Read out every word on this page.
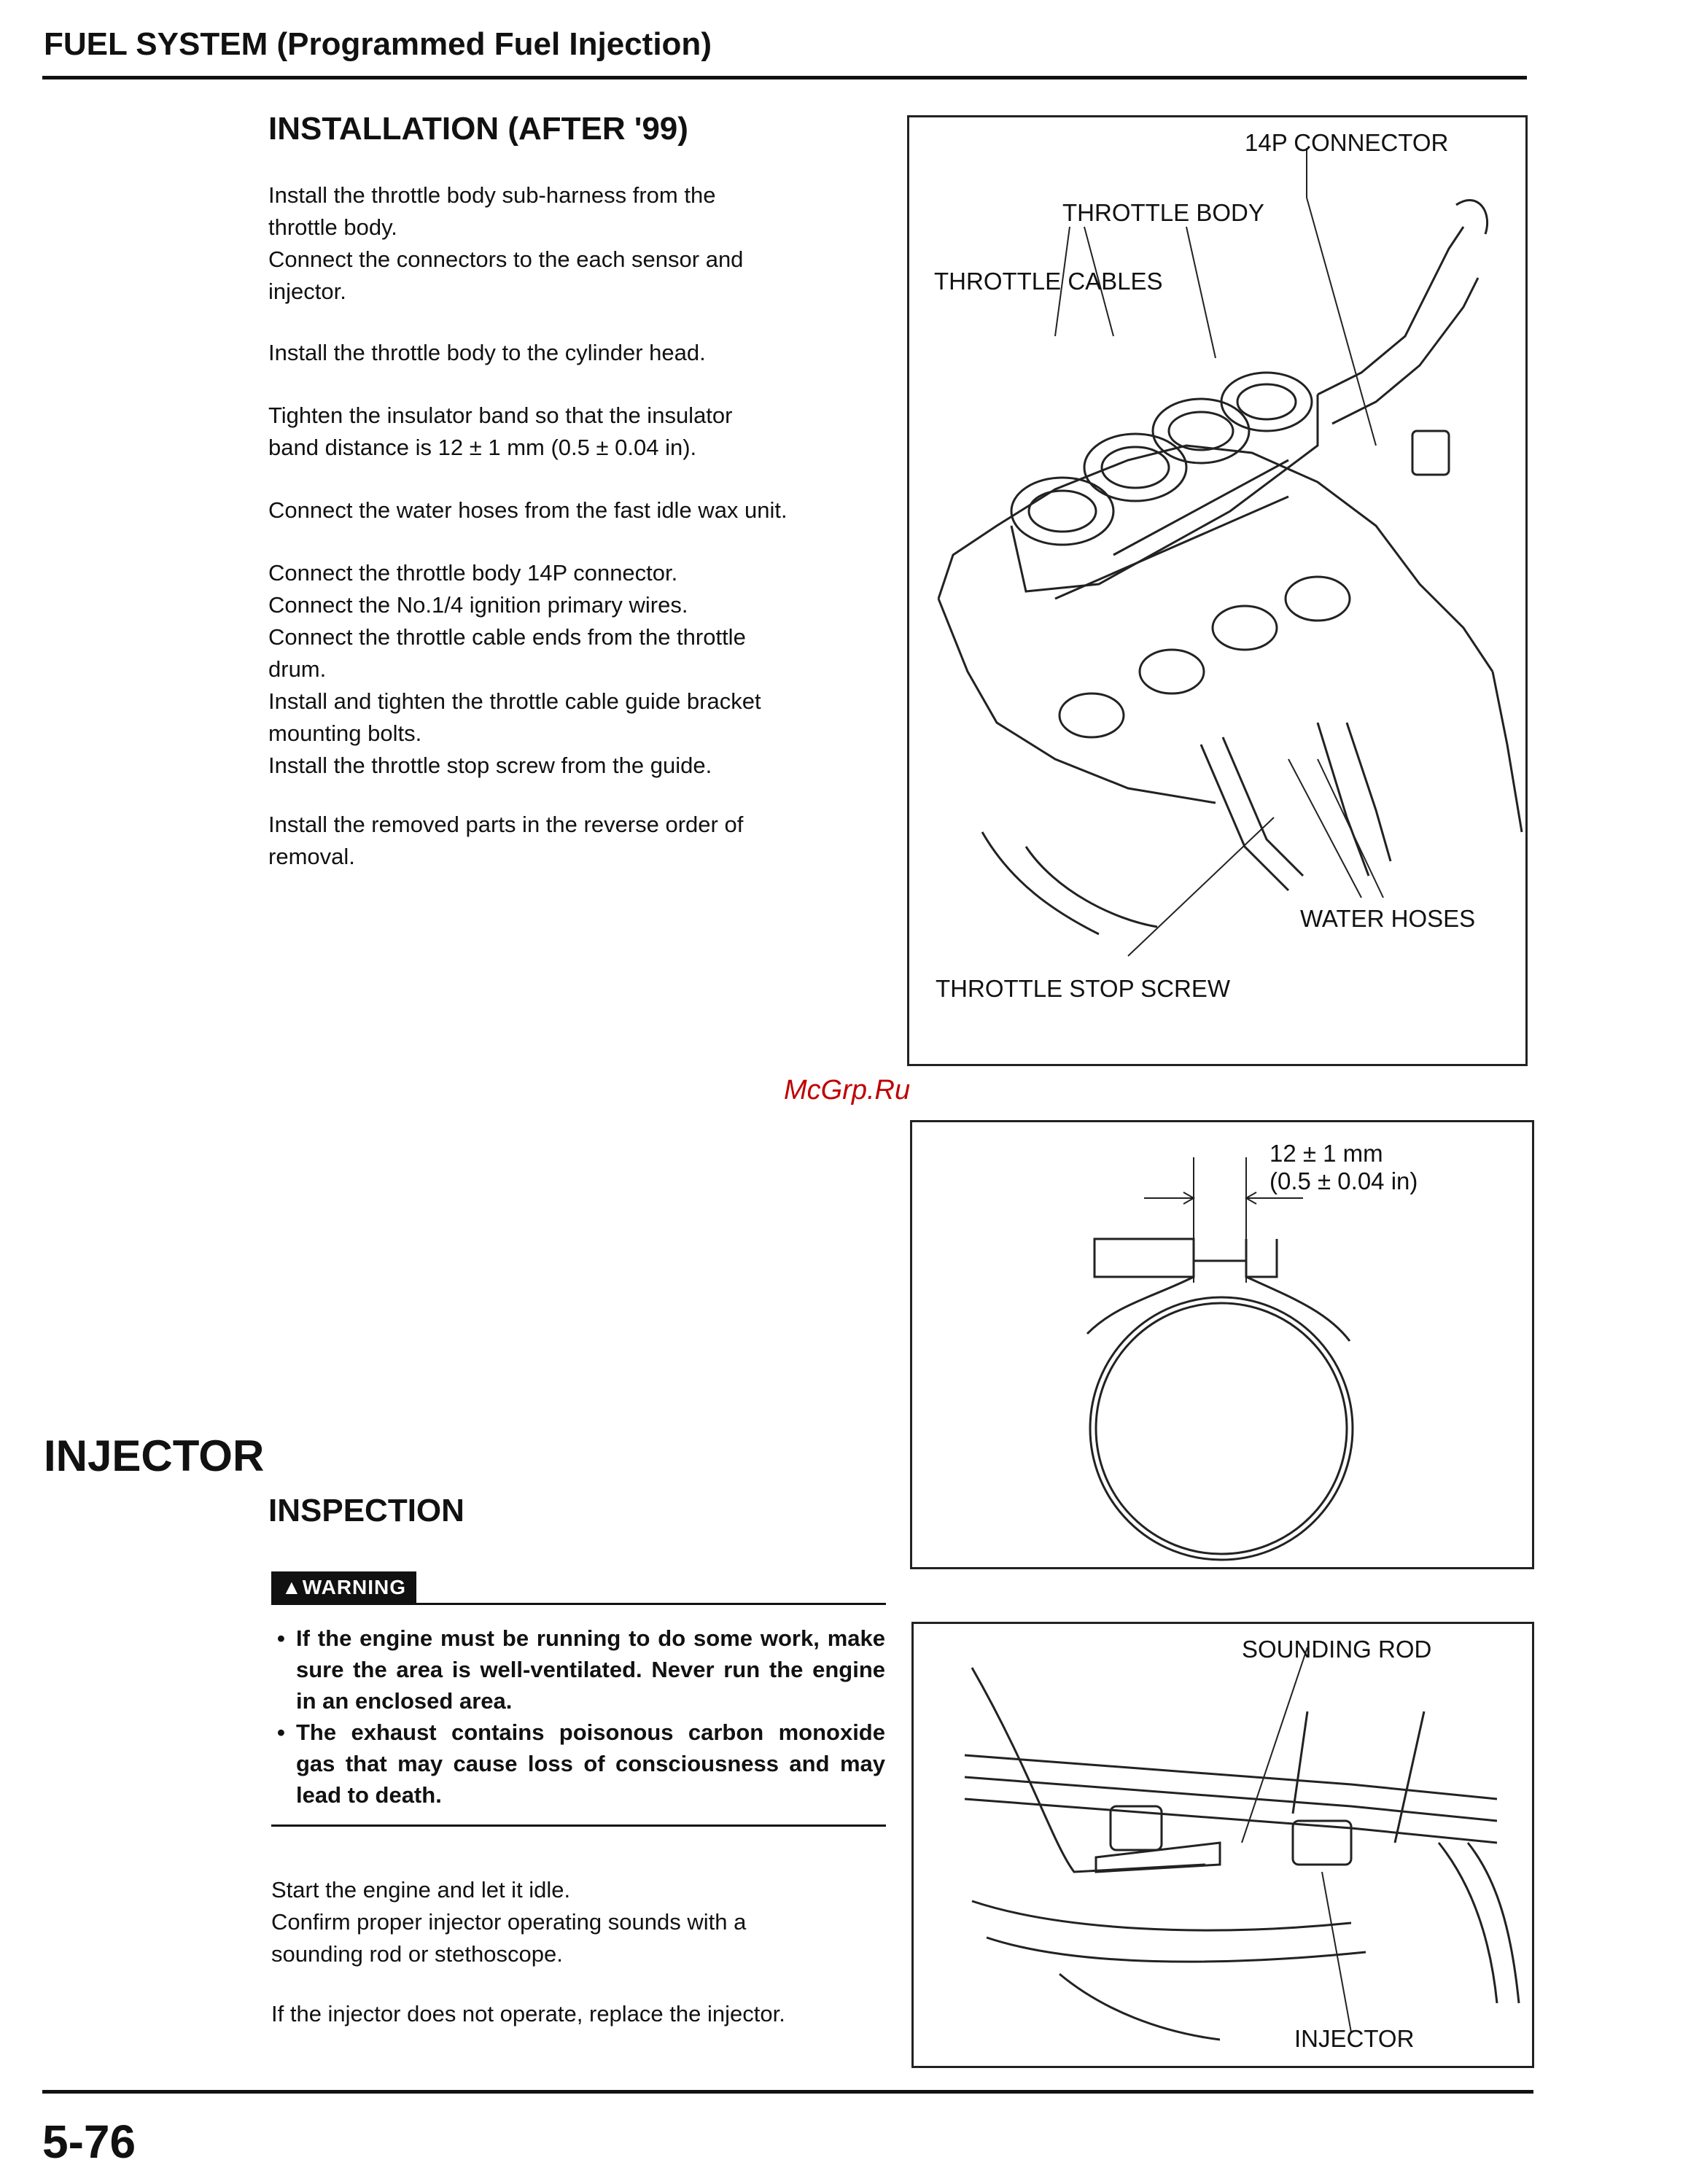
FUEL SYSTEM (Programmed Fuel Injection)
INSTALLATION (AFTER '99)
Install the throttle body sub-harness from the
throttle body.
Connect the connectors to the each sensor and
injector.
Install the throttle body to the cylinder head.
Tighten the insulator band so that the insulator
band distance is 12 ± 1 mm (0.5 ± 0.04 in).
Connect the water hoses from the fast idle wax unit.
Connect the throttle body 14P connector.
Connect the No.1/4 ignition primary wires.
Connect the throttle cable ends from the throttle
drum.
Install and tighten the throttle cable guide bracket
mounting bolts.
Install the throttle stop screw from the guide.
Install the removed parts in the reverse order of
removal.
14P CONNECTOR
THROTTLE BODY
THROTTLE CABLES
WATER HOSES
THROTTLE STOP SCREW
McGrp.Ru
12 ± 1 mm
(0.5 ± 0.04 in)
INJECTOR
INSPECTION
▲WARNING
• If the engine must be running to do some work, make sure the area is well-ventilated. Never run the engine in an enclosed area.
• The exhaust contains poisonous carbon monoxide gas that may cause loss of consciousness and may lead to death.
Start the engine and let it idle.
Confirm proper injector operating sounds with a
sounding rod or stethoscope.
If the injector does not operate, replace the injector.
SOUNDING ROD
INJECTOR
5-76
